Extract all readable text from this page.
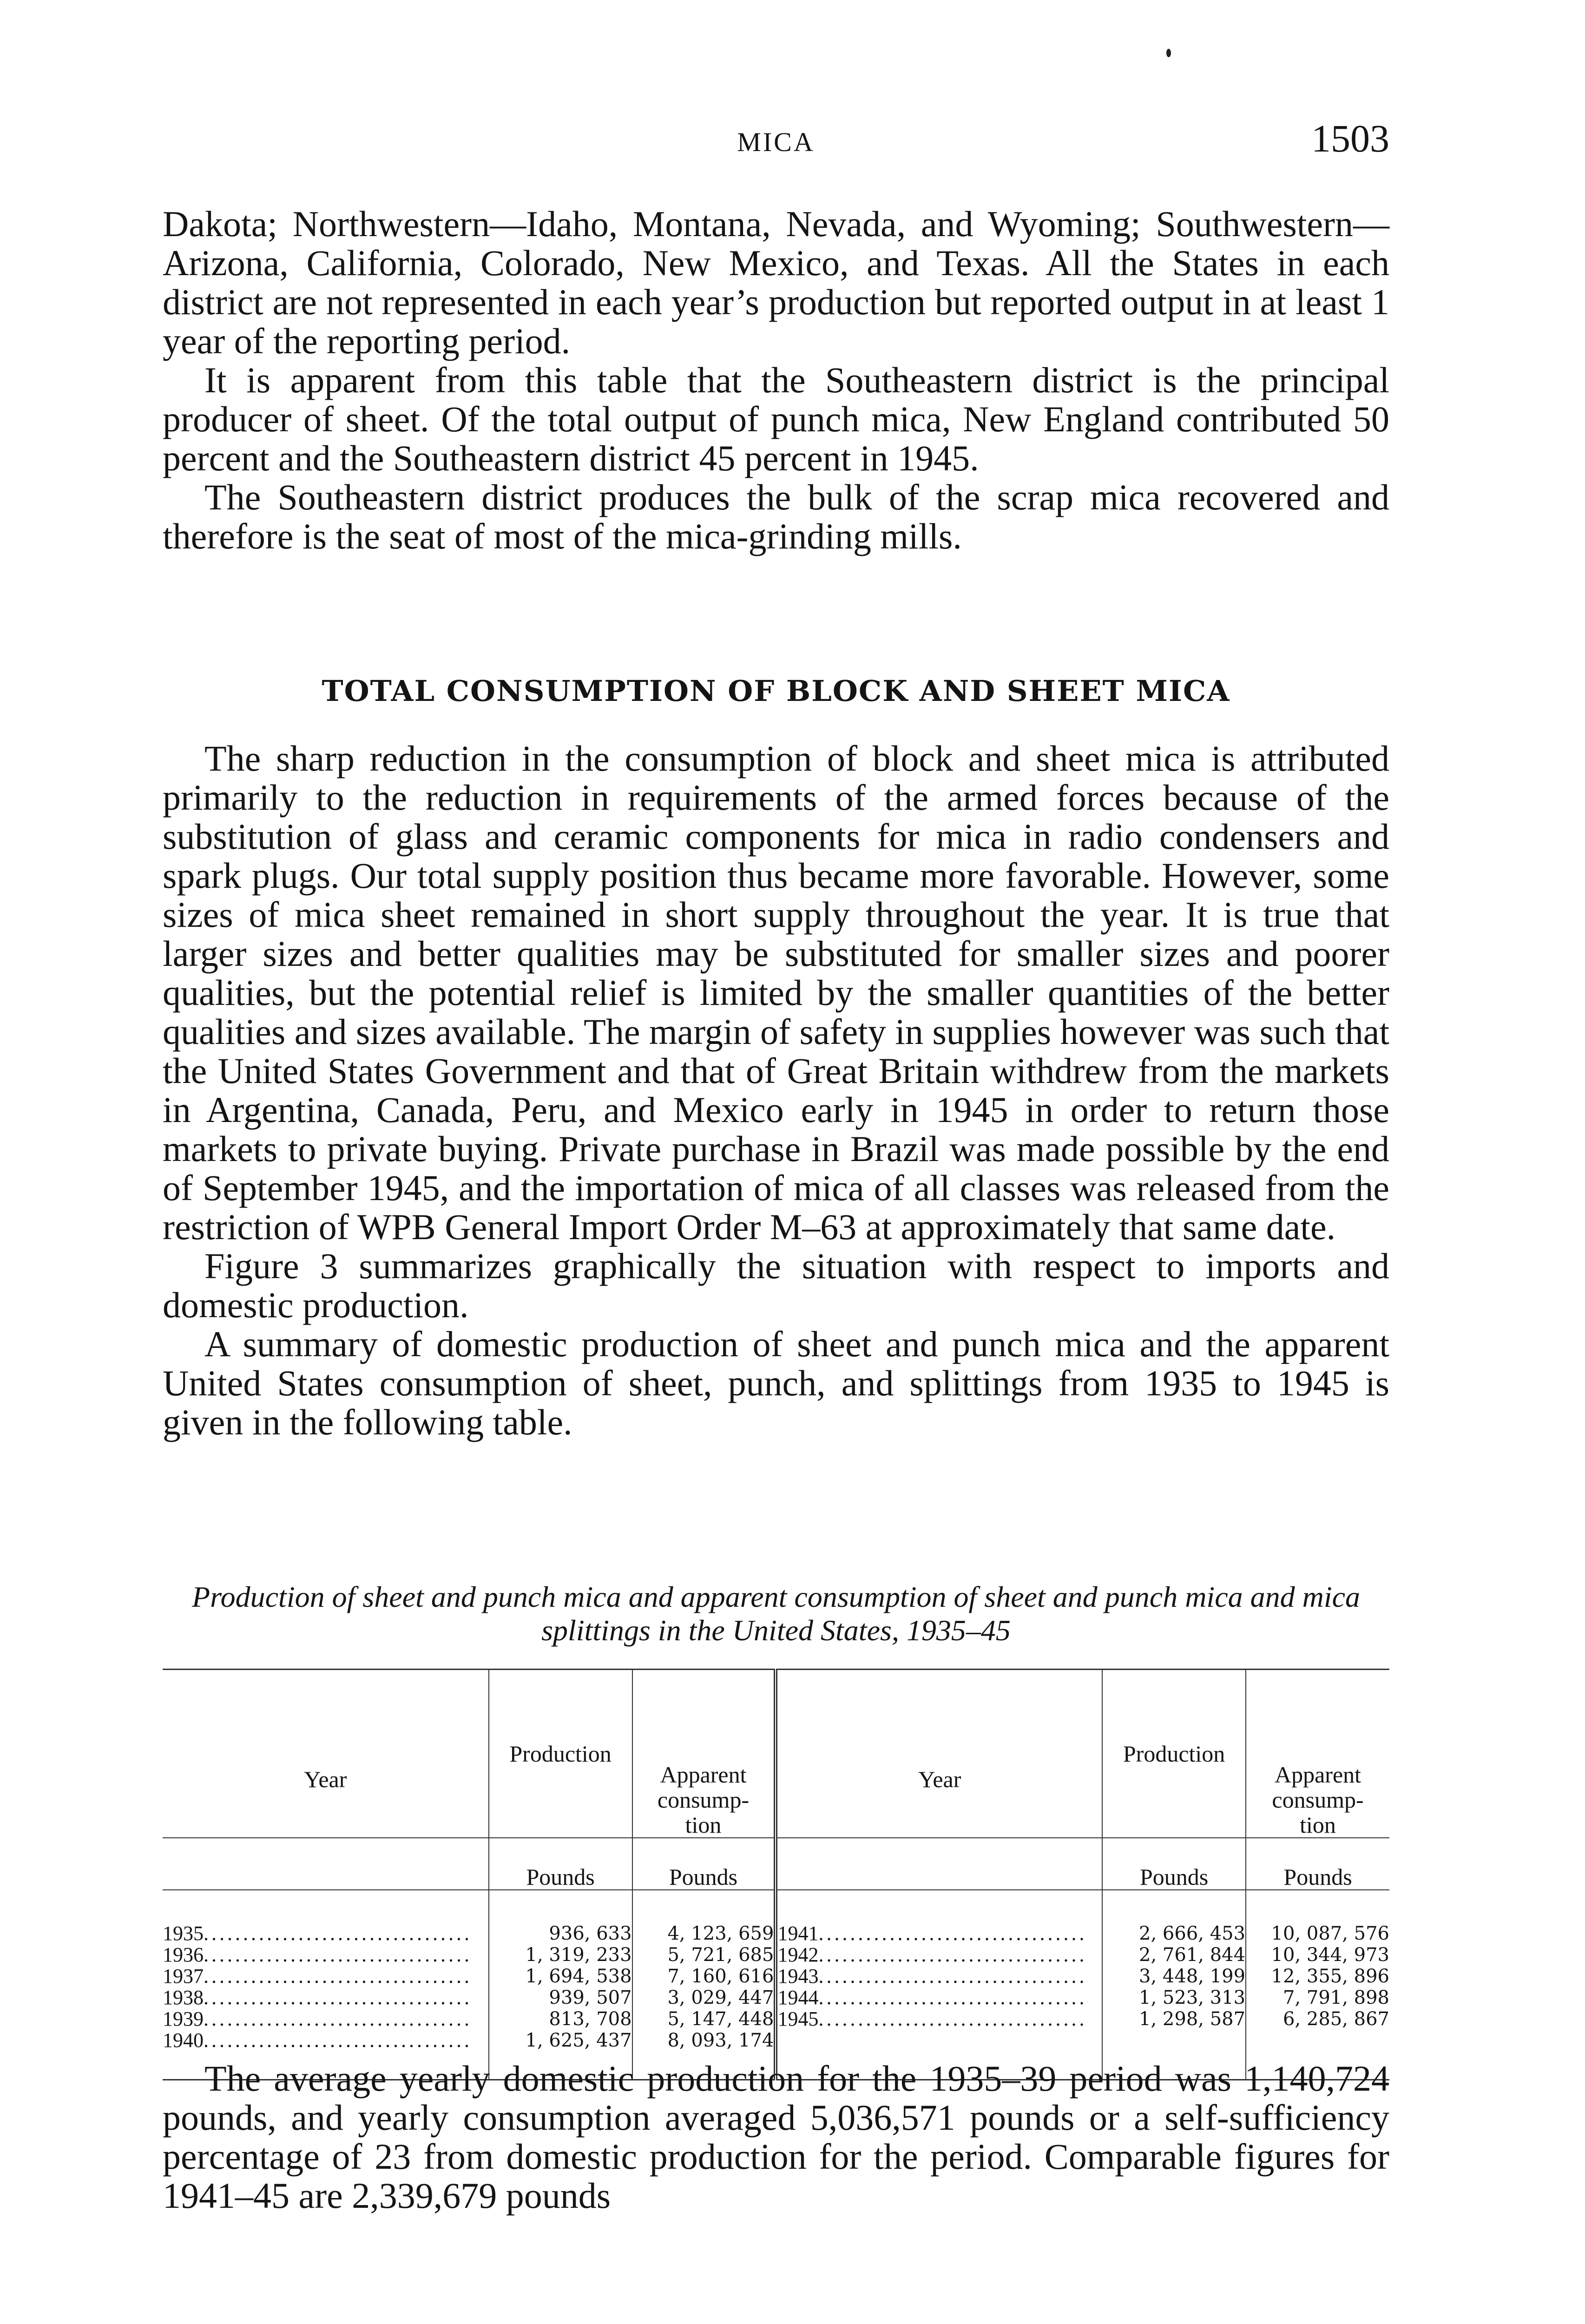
MICA	1503

Dakota; Northwestern—Idaho, Montana, Nevada, and Wyoming; Southwestern—Arizona, California, Colorado, New Mexico, and Texas. All the States in each district are not represented in each year’s production but reported output in at least 1 year of the reporting period.

It is apparent from this table that the Southeastern district is the principal producer of sheet. Of the total output of punch mica, New England contributed 50 percent and the Southeastern district 45 percent in 1945.

The Southeastern district produces the bulk of the scrap mica recovered and therefore is the seat of most of the mica-grinding mills.

TOTAL CONSUMPTION OF BLOCK AND SHEET MICA

The sharp reduction in the consumption of block and sheet mica is attributed primarily to the reduction in requirements of the armed forces because of the substitution of glass and ceramic components for mica in radio condensers and spark plugs. Our total supply position thus became more favorable. However, some sizes of mica sheet remained in short supply throughout the year. It is true that larger sizes and better qualities may be substituted for smaller sizes and poorer qualities, but the potential relief is limited by the smaller quantities of the better qualities and sizes available. The margin of safety in supplies however was such that the United States Government and that of Great Britain withdrew from the markets in Argentina, Canada, Peru, and Mexico early in 1945 in order to return those markets to private buying. Private purchase in Brazil was made possible by the end of September 1945, and the importation of mica of all classes was released from the restriction of WPB General Import Order M–63 at approximately that same date.

Figure 3 summarizes graphically the situation with respect to imports and domestic production.

A summary of domestic production of sheet and punch mica and the apparent United States consumption of sheet, punch, and splittings from 1935 to 1945 is given in the following table.

Production of sheet and punch mica and apparent consumption of sheet and punch mica and mica splittings in the United States, 1935–45
Year	Production	Apparent consump- tion	Year	Production	Apparent consump- tion
	Pounds	Pounds		Pounds	Pounds

1935..................................	936, 633	4, 123, 659	1941..................................	2, 666, 453	10, 087, 576
1936..................................	1, 319, 233	5, 721, 685	1942..................................	2, 761, 844	10, 344, 973
1937..................................	1, 694, 538	7, 160, 616	1943..................................	3, 448, 199	12, 355, 896
1938..................................	939, 507	3, 029, 447	1944..................................	1, 523, 313	7, 791, 898
1939..................................	813, 708	5, 147, 448	1945..................................	1, 298, 587	6, 285, 867
1940..................................	1, 625, 437	8, 093, 174			

The average yearly domestic production for the 1935–39 period was 1,140,724 pounds, and yearly consumption averaged 5,036,571 pounds or a self-sufficiency percentage of 23 from domestic production for the period. Comparable figures for 1941–45 are 2,339,679 pounds
